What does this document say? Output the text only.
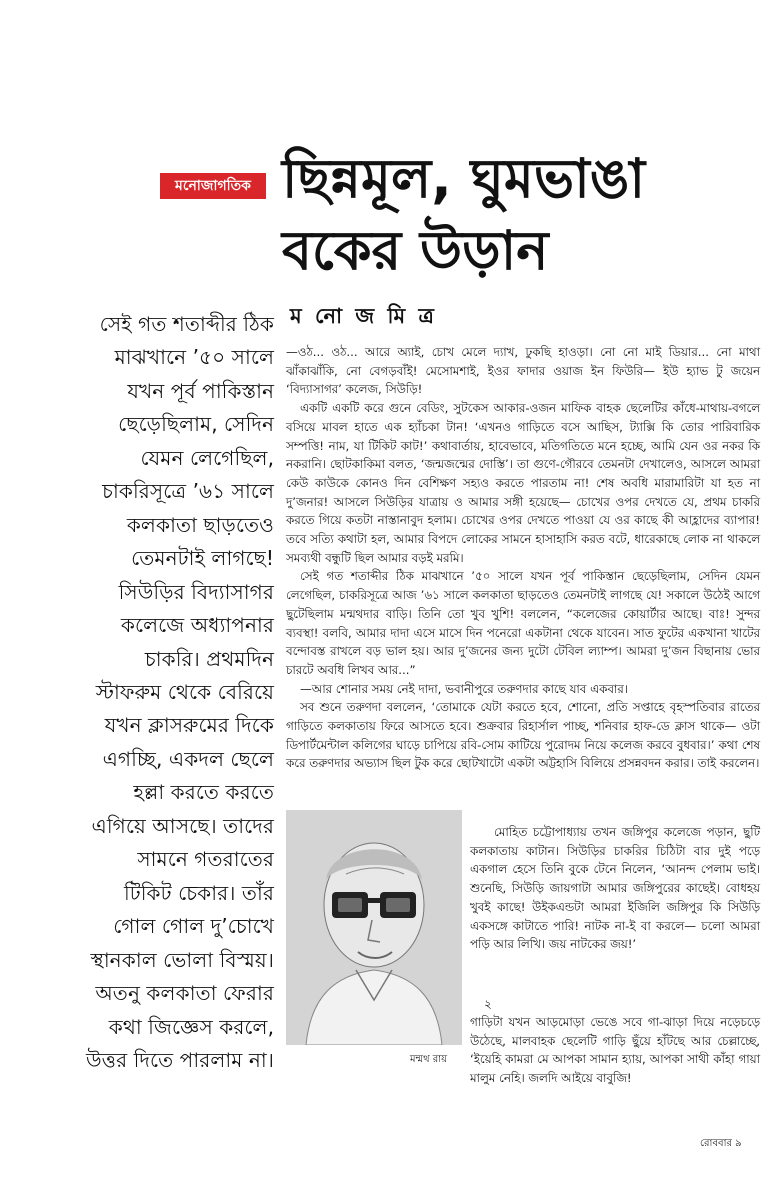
মনোজাগতিক ছিন্নমূল, ঘুমভাঙা
বকের উড়ান
ম নো জ মি ত্র
সেই গত শতাব্দীর ঠিক
মাঝখানে ’৫০ সালে
যখন পূর্ব পাকিস্তান
ছেড়েছিলাম, সেদিন
যেমন লেগেছিল,
চাকরিসূত্রে ’৬১ সালে
কলকাতা ছাড়তেও
তেমনটাই লাগছে!
সিউড়ির বিদ্যাসাগর
কলেজে অধ্যাপনার
চাকরি। প্রথমদিন
স্টাফরুম থেকে বেরিয়ে
যখন ক্লাসরুমের দিকে
এগচ্ছি, একদল ছেলে
হল্লা করতে করতে
এগিয়ে আসছে। তাদের
সামনে গতরাতের
টিকিট চেকার। তাঁর
গোল গোল দু’চোখে
স্থানকাল ভোলা বিস্ময়।
অতনু কলকাতা ফেরার
কথা জিজ্ঞেস করলে,
উত্তর দিতে পারলাম না।

—ওঠ... ওঠ... আরে অ্যাই, চোখ মেলে দ্যাখ, ঢুকছি হাওড়া। নো নো মাই ডিয়ার... নো মাথা ঝাঁকাঝাঁকি, নো বেগড়বাঁই! মেসোমশাই, ইওর ফাদার ওয়াজ ইন ফিউরি— ইউ হ্যাভ টু জয়েন ‘বিদ্যাসাগর’ কলেজ, সিউড়ি!

একটি একটি করে গুনে বেডিং, সুটকেস আকার-ওজন মাফিক বাহক ছেলেটির কাঁধে-মাথায়-বগলে বসিয়ে মাবল হাতে এক হ্যাঁচকা টান! ‘এখনও গাড়িতে বসে আছিস, ট্যাক্সি কি তোর পারিবারিক সম্পত্তি! নাম, যা টিকিট কাট!’ কথাবার্তায়, হাবেভাবে, মতিগতিতে মনে হচ্ছে, আমি যেন ওর নকর কি নকরানি। ছোটকাকিমা বলত, ‘জন্মজন্মের দোস্তি’। তা গুণে-গৌরবে তেমনটা দেখালেও, আসলে আমরা কেউ কাউকে কোনও দিন বেশিক্ষণ সহ্যও করতে পারতাম না! শেষ অবধি মারামারিটা যা হত না দু’জনার! আসলে সিউড়ির যাত্রায় ও আমার সঙ্গী হয়েছে— চোখের ওপর দেখতে যে, প্রথম চাকরি করতে গিয়ে কতটা নাস্তানাবুদ হলাম। চোখের ওপর দেখতে পাওয়া যে ওর কাছে কী আহ্লাদের ব্যাপার! তবে সত্যি কথাটা হল, আমার বিপদে লোকের সামনে হাসাহাসি করত বটে, ধারেকাছে লোক না থাকলে সমব্যথী বন্ধুটি ছিল আমার বড়ই মরমি।

সেই গত শতাব্দীর ঠিক মাঝখানে ’৫০ সালে যখন পূর্ব পাকিস্তান ছেড়েছিলাম, সেদিন যেমন লেগেছিল, চাকরিসূত্রে আজ ’৬১ সালে কলকাতা ছাড়তেও তেমনটাই লাগছে যে! সকালে উঠেই আগে ছুটেছিলাম মন্মথদার বাড়ি। তিনি তো খুব খুশি! বললেন, “কলেজের কোয়ার্টার আছে। বাঃ! সুন্দর ব্যবস্থা! বলবি, আমার দাদা এসে মাসে দিন পনেরো একটানা থেকে যাবেন। সাত ফুটের একখানা খাটের বন্দোবস্ত রাখলে বড় ভাল হয়। আর দু’জনের জন্য দুটো টেবিল ল্যাম্প। আমরা দু’জন বিছানায় ভোর চারটে অবধি লিখব আর...”

—আর শোনার সময় নেই দাদা, ভবানীপুরে তরুণদার কাছে যাব একবার।

সব শুনে তরুণদা বললেন, ‘তোমাকে যেটা করতে হবে, শোনো, প্রতি সপ্তাহে বৃহস্পতিবার রাতের গাড়িতে কলকাতায় ফিরে আসতে হবে। শুক্রবার রিহার্সাল পাচ্ছ, শনিবার হাফ-ডে ক্লাস থাকে— ওটা ডিপার্টমেন্টাল কলিগের ঘাড়ে চাপিয়ে রবি-সোম কাটিয়ে পুরোদম নিয়ে কলেজ করবে বুধবার।’ কথা শেষ করে তরুণদার অভ্যাস ছিল টুক করে ছোটখাটো একটা অট্টহাসি বিলিয়ে প্রসন্নবদন করার। তাই করলেন।

মন্মথ রায়

মোহিত চট্টোপাধ্যায় তখন জঙ্গিপুর কলেজে পড়ান, ছুটি কলকাতায় কাটান। সিউড়ির চাকরির চিঠিটা বার দুই পড়ে একগাল হেসে তিনি বুকে টেনে নিলেন, ‘আনন্দ পেলাম ভাই। শুনেছি, সিউড়ি জায়গাটা আমার জঙ্গিপুরের কাছেই। বোধহয় খুবই কাছে! উইকএন্ডটা আমরা ইজিলি জঙ্গিপুর কি সিউড়ি একসঙ্গে কাটাতে পারি! নাটক না-ই বা করলে— চলো আমরা পড়ি আর লিখি। জয় নাটকের জয়!’

২

গাড়িটা যখন আড়মোড়া ভেঙে সবে গা-ঝাড়া দিয়ে নড়েচড়ে উঠেছে, মালবাহক ছেলেটি গাড়ি ছুঁয়ে হাঁটছে আর চেল্লাচ্ছে, ‘ইয়েহি কামরা মে আপকা সামান হ্যায়, আপকা সাথী কাঁহা গায়া মালুম নেহি। জলদি আইয়ে বাবুজি!

রোববার ৯
